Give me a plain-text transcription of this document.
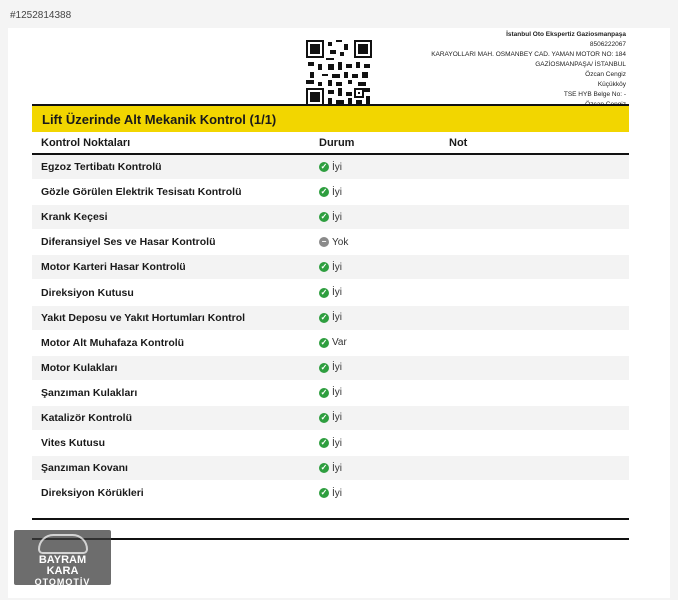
#1252814388
İstanbul Oto Ekspertiz Gaziosmanpaşa
8506222067
KARAYOLLARI MAH. OSMANBEY CAD. YAMAN MOTOR NO: 184
GAZİOSMANPAŞA/ İSTANBUL
Özcan Cengiz
Küçükköy
TSE HYB Belge No: -
Lift Üzerinde Alt Mekanik Kontrol (1/1)
Kontrol Noktaları	Durum	Not
Egzoz Tertibatı Kontrolü	✓ İyi
Gözle Görülen Elektrik Tesisatı Kontrolü	✓ İyi
Krank Keçesi	✓ İyi
Diferansiyel Ses ve Hasar Kontrolü	− Yok
Motor Karteri Hasar Kontrolü	✓ İyi
Direksiyon Kutusu	✓ İyi
Yakıt Deposu ve Yakıt Hortumları Kontrol	✓ İyi
Motor Alt Muhafaza Kontrolü	✓ Var
Motor Kulakları	✓ İyi
Şanzıman Kulakları	✓ İyi
Katalizör Kontrolü	✓ İyi
Vites Kutusu	✓ İyi
Şanzıman Kovanı	✓ İyi
Direksiyon Körükleri	✓ İyi
BAYRAM
KARA
OTOMOTİV
